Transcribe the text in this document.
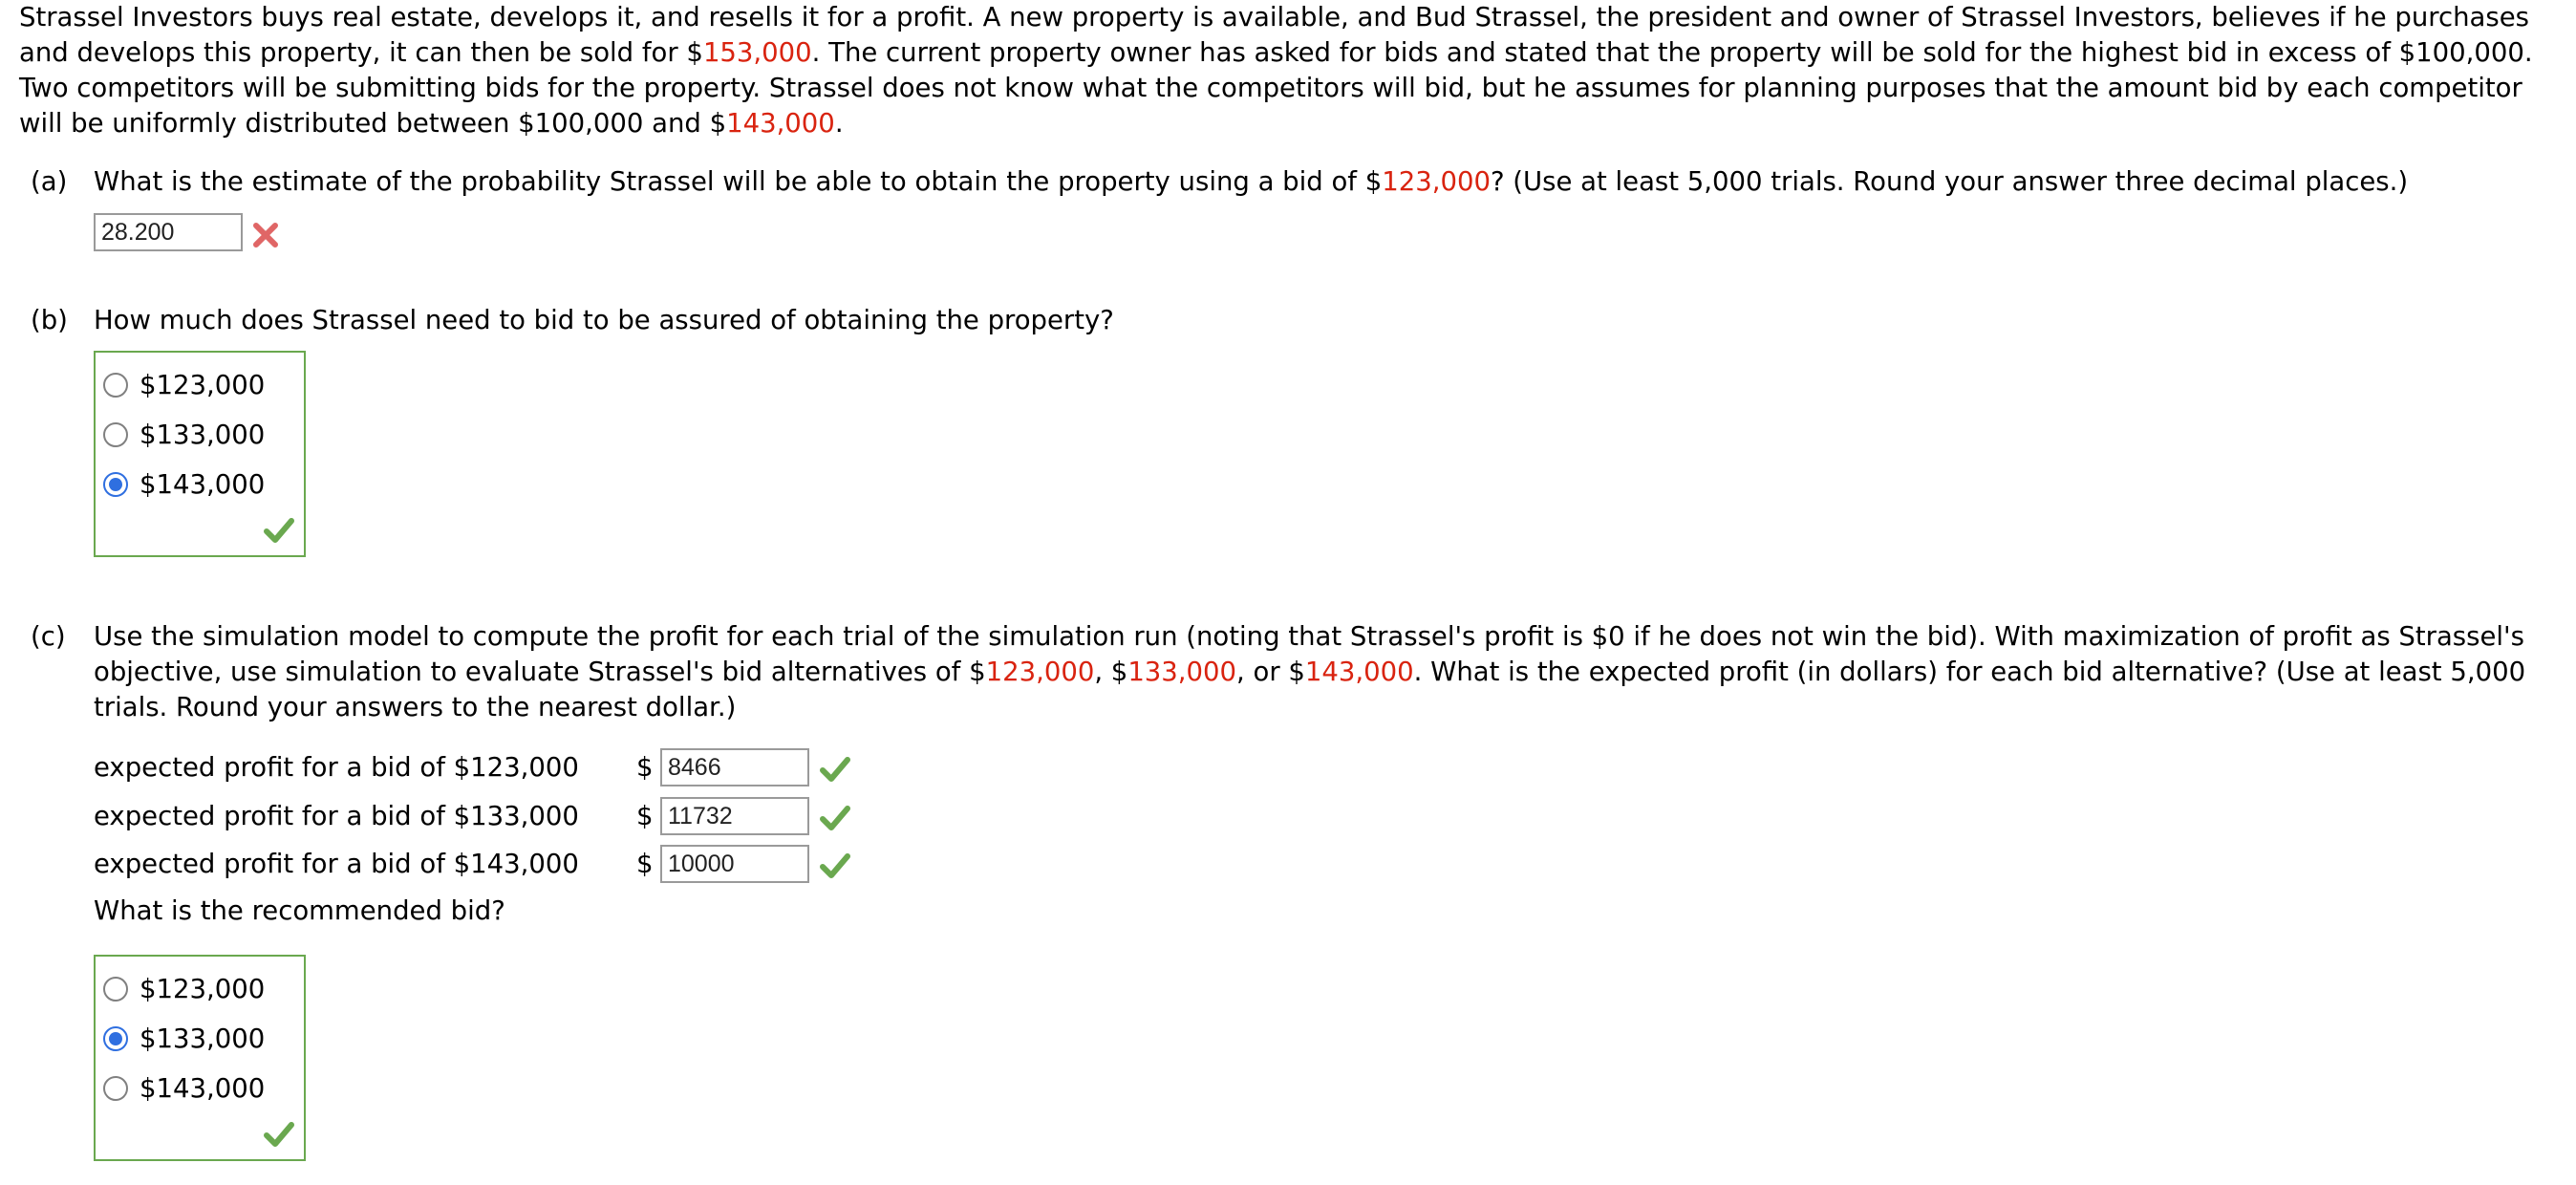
Strassel Investors buys real estate, develops it, and resells it for a profit. A new property is available, and Bud Strassel, the president and owner of Strassel Investors, believes if he purchases and develops this property, it can then be sold for $153,000. The current property owner has asked for bids and stated that the property will be sold for the highest bid in excess of $100,000. Two competitors will be submitting bids for the property. Strassel does not know what the competitors will bid, but he assumes for planning purposes that the amount bid by each competitor will be uniformly distributed between $100,000 and $143,000.

(a) What is the estimate of the probability Strassel will be able to obtain the property using a bid of $123,000? (Use at least 5,000 trials. Round your answer three decimal places.)
28.200
(b) How much does Strassel need to bid to be assured of obtaining the property?
$123,000
$133,000
$143,000
(c) Use the simulation model to compute the profit for each trial of the simulation run (noting that Strassel's profit is $0 if he does not win the bid). With maximization of profit as Strassel's objective, use simulation to evaluate Strassel's bid alternatives of $123,000, $133,000, or $143,000. What is the expected profit (in dollars) for each bid alternative? (Use at least 5,000 trials. Round your answers to the nearest dollar.)
expected profit for a bid of $123,000 $ 8466
expected profit for a bid of $133,000 $ 11732
expected profit for a bid of $143,000 $ 10000
What is the recommended bid?
$123,000
$133,000
$143,000
